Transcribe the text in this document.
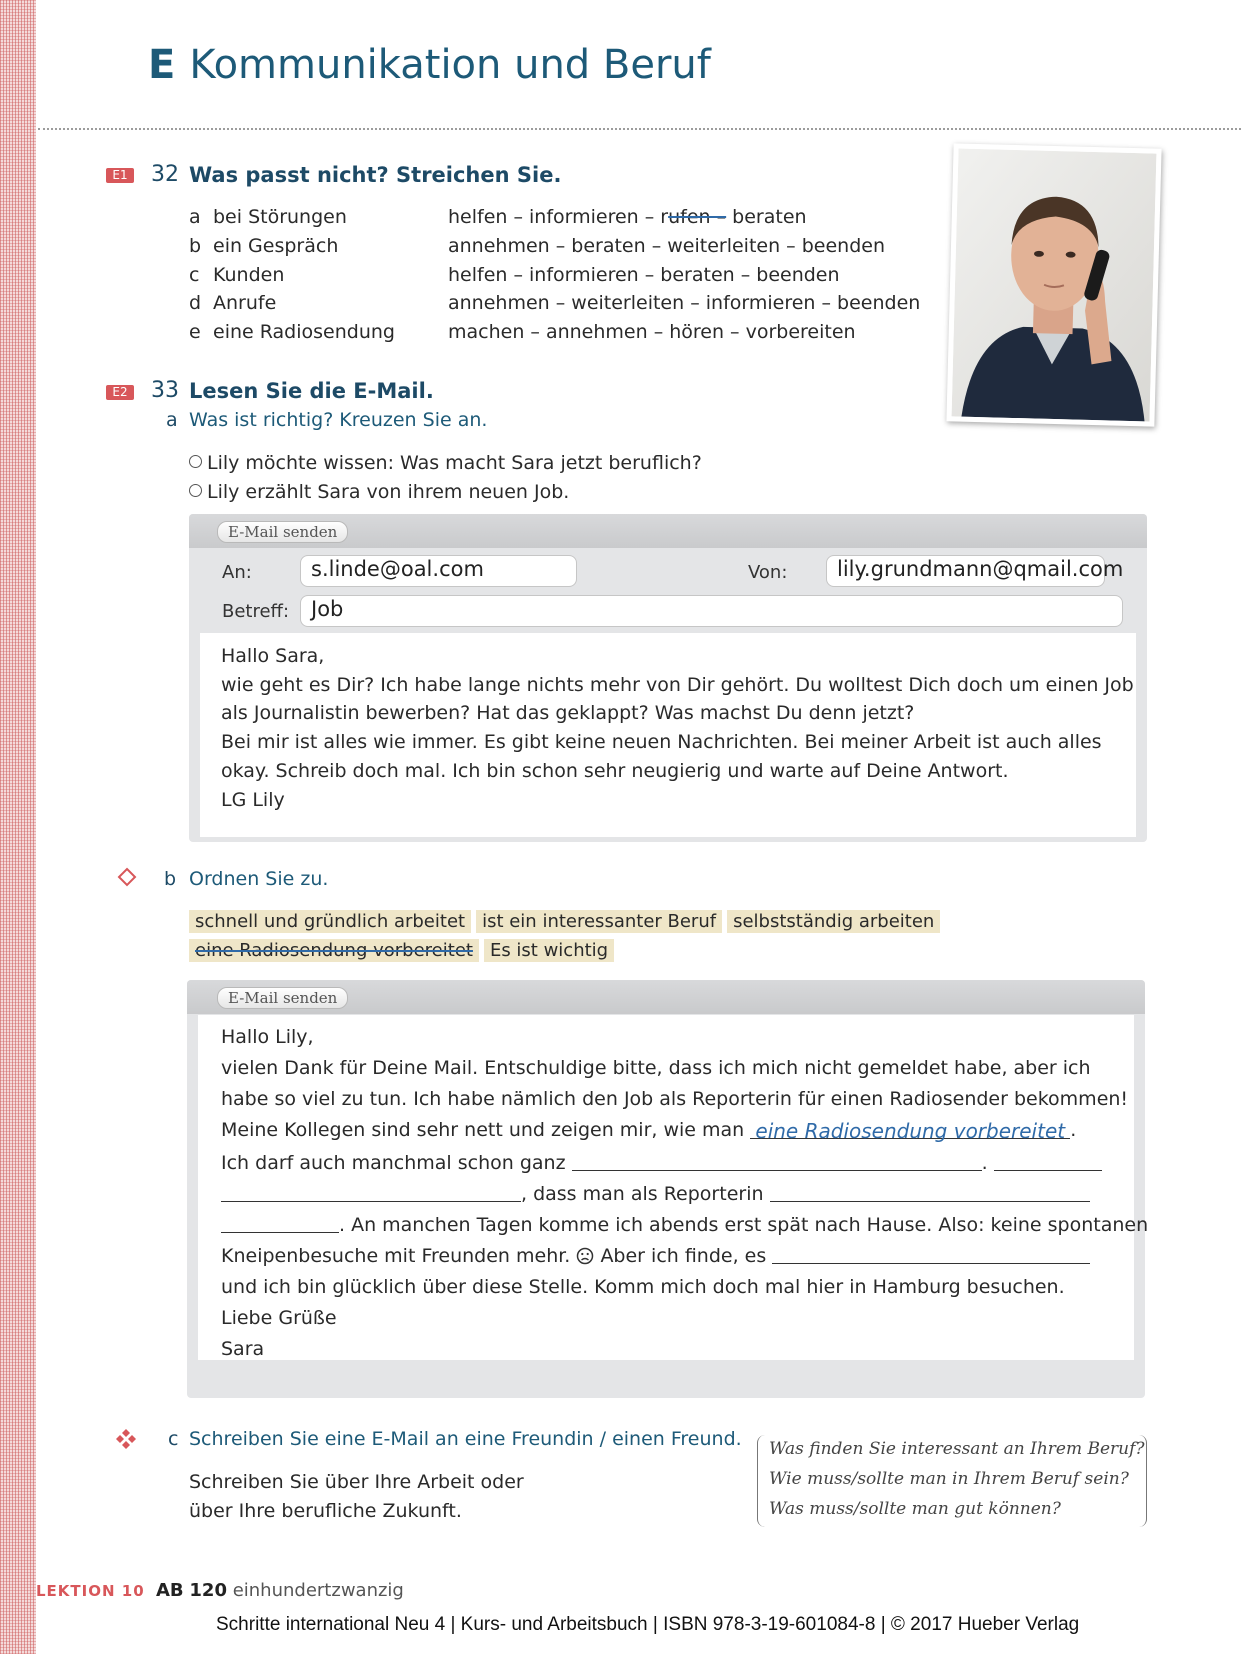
E Kommunikation und Beruf
E1 32 Was passt nicht? Streichen Sie.
a bei Störungen	helfen – informieren – rufen – beraten
b ein Gespräch	annehmen – beraten – weiterleiten – beenden
c Kunden	helfen – informieren – beraten – beenden
d Anrufe	annehmen – weiterleiten – informieren – beenden
e eine Radiosendung	machen – annehmen – hören – vorbereiten
E2 33 Lesen Sie die E-Mail.
a Was ist richtig? Kreuzen Sie an.
Lily möchte wissen: Was macht Sara jetzt beruflich?
Lily erzählt Sara von ihrem neuen Job.
E-Mail senden
An:	s.linde@oal.com	Von:	lily.grundmann@qmail.com
Betreff:	Job
Hallo Sara,
wie geht es Dir? Ich habe lange nichts mehr von Dir gehört. Du wolltest Dich doch um einen Job
als Journalistin bewerben? Hat das geklappt? Was machst Du denn jetzt?
Bei mir ist alles wie immer. Es gibt keine neuen Nachrichten. Bei meiner Arbeit ist auch alles
okay. Schreib doch mal. Ich bin schon sehr neugierig und warte auf Deine Antwort.
LG Lily
b Ordnen Sie zu.
schnell und gründlich arbeitet ist ein interessanter Beruf selbstständig arbeiten
eine Radiosendung vorbereitet Es ist wichtig
E-Mail senden
Hallo Lily,
vielen Dank für Deine Mail. Entschuldige bitte, dass ich mich nicht gemeldet habe, aber ich
habe so viel zu tun. Ich habe nämlich den Job als Reporterin für einen Radiosender bekommen!
Meine Kollegen sind sehr nett und zeigen mir, wie man eine Radiosendung vorbereitet .
Ich darf auch manchmal schon ganz	.
, dass man als Reporterin
. An manchen Tagen komme ich abends erst spät nach Hause. Also: keine spontanen
Kneipenbesuche mit Freunden mehr. Aber ich finde, es
und ich bin glücklich über diese Stelle. Komm mich doch mal hier in Hamburg besuchen.
Liebe Grüße
Sara
c Schreiben Sie eine E-Mail an eine Freundin / einen Freund.
Schreiben Sie über Ihre Arbeit oder
über Ihre berufliche Zukunft.
Was finden Sie interessant an Ihrem Beruf?
Wie muss/sollte man in Ihrem Beruf sein?
Was muss/sollte man gut können?
LEKTION 10 AB 120 einhundertzwanzig
Schritte international Neu 4 | Kurs- und Arbeitsbuch | ISBN 978-3-19-601084-8 | © 2017 Hueber Verlag
